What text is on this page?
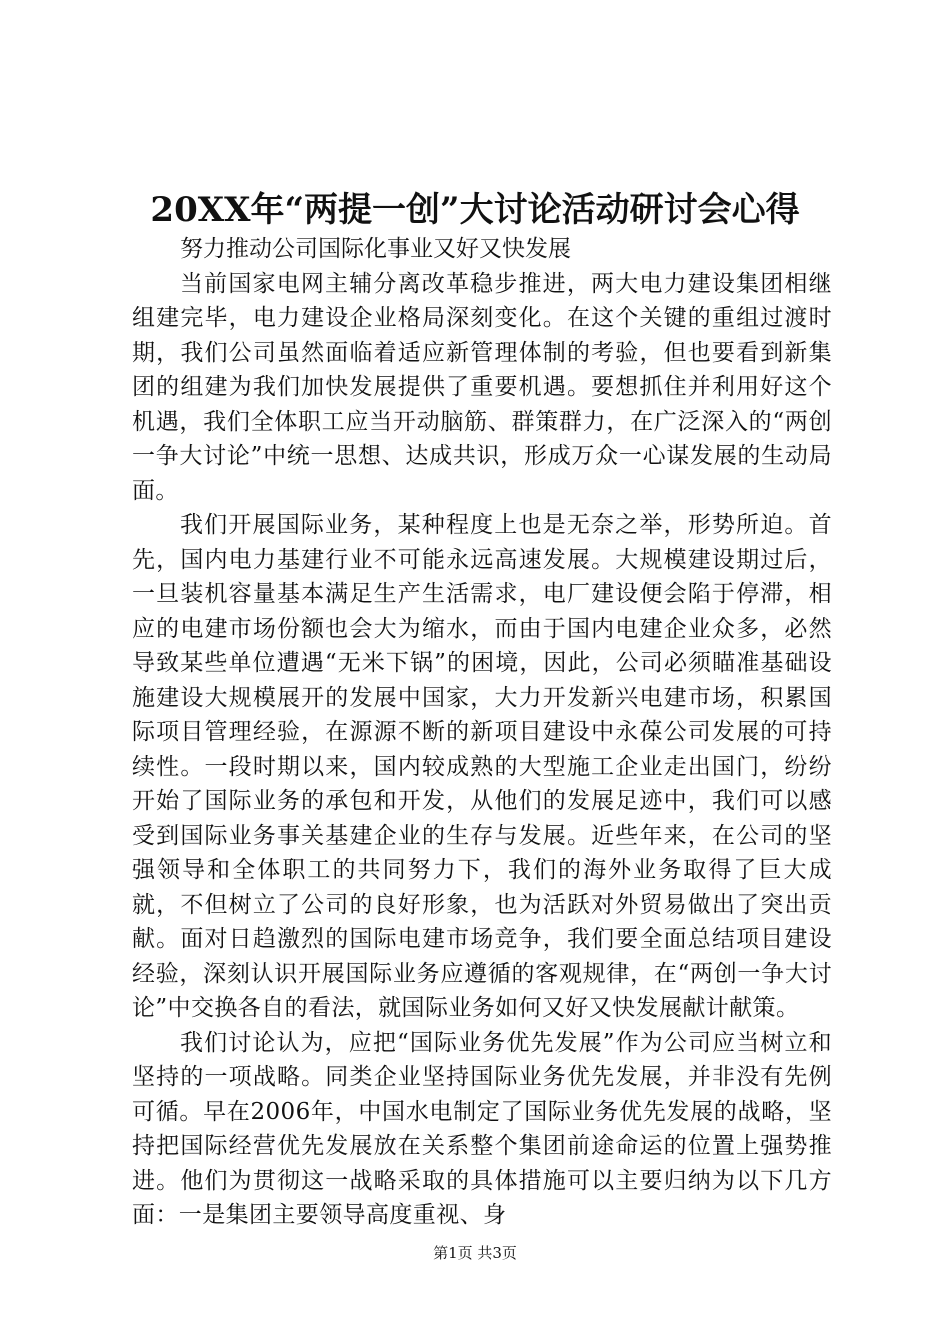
20XX年“两提一创”大讨论活动研讨会心得

努力推动公司国际化事业又好又快发展

当前国家电网主辅分离改革稳步推进，两大电力建设集团相继组建完毕，电力建设企业格局深刻变化。在这个关键的重组过渡时期，我们公司虽然面临着适应新管理体制的考验，但也要看到新集团的组建为我们加快发展提供了重要机遇。要想抓住并利用好这个机遇，我们全体职工应当开动脑筋、群策群力，在广泛深入的“两创一争大讨论”中统一思想、达成共识，形成万众一心谋发展的生动局面。

我们开展国际业务，某种程度上也是无奈之举，形势所迫。首先，国内电力基建行业不可能永远高速发展。大规模建设期过后，一旦装机容量基本满足生产生活需求，电厂建设便会陷于停滞，相应的电建市场份额也会大为缩水，而由于国内电建企业众多，必然导致某些单位遭遇“无米下锅”的困境，因此，公司必须瞄准基础设施建设大规模展开的发展中国家，大力开发新兴电建市场，积累国际项目管理经验，在源源不断的新项目建设中永葆公司发展的可持续性。一段时期以来，国内较成熟的大型施工企业走出国门，纷纷开始了国际业务的承包和开发，从他们的发展足迹中，我们可以感受到国际业务事关基建企业的生存与发展。近些年来，在公司的坚强领导和全体职工的共同努力下，我们的海外业务取得了巨大成就，不但树立了公司的良好形象，也为活跃对外贸易做出了突出贡献。面对日趋激烈的国际电建市场竞争，我们要全面总结项目建设经验，深刻认识开展国际业务应遵循的客观规律，在“两创一争大讨论”中交换各自的看法，就国际业务如何又好又快发展献计献策。

我们讨论认为，应把“国际业务优先发展”作为公司应当树立和坚持的一项战略。同类企业坚持国际业务优先发展，并非没有先例可循。早在2006年，中国水电制定了国际业务优先发展的战略，坚持把国际经营优先发展放在关系整个集团前途命运的位置上强势推进。他们为贯彻这一战略采取的具体措施可以主要归纳为以下几方面：一是集团主要领导高度重视、身

第1页 共3页
